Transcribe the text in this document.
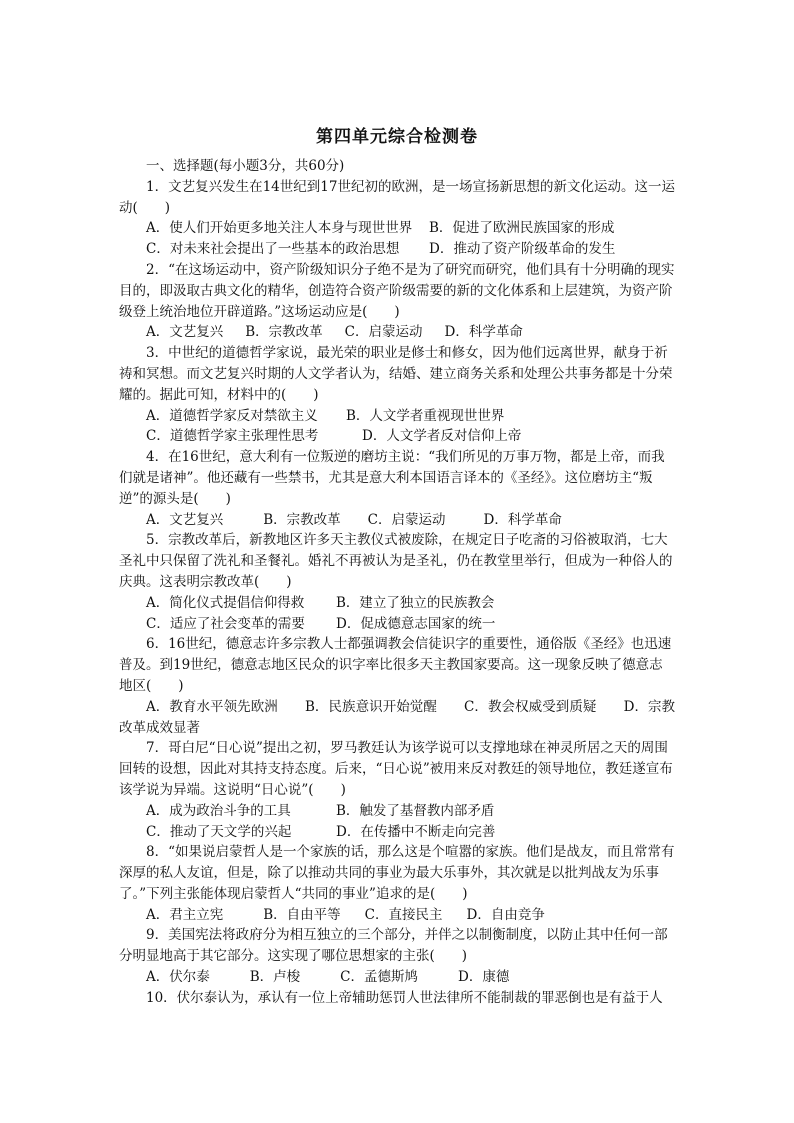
第四单元综合检测卷

一、选择题(每小题3分，共60分)

1．文艺复兴发生在14世纪到17世纪初的欧洲，是一场宣扬新思想的新文化运动。这一运动(　　)

A．使人们开始更多地关注人本身与现世世界 B．促进了欧洲民族国家的形成

C．对未来社会提出了一些基本的政治思想 D．推动了资产阶级革命的发生

2．“在这场运动中，资产阶级知识分子绝不是为了研究而研究，他们具有十分明确的现实目的，即汲取古典文化的精华，创造符合资产阶级需要的新的文化体系和上层建筑，为资产阶级登上统治地位开辟道路。”这场运动应是(　　)

A．文艺复兴 B．宗教改革 C．启蒙运动 D．科学革命

3．中世纪的道德哲学家说，最光荣的职业是修士和修女，因为他们远离世界，献身于祈祷和冥想。而文艺复兴时期的人文学者认为，结婚、建立商务关系和处理公共事务都是十分荣耀的。据此可知，材料中的(　　)

A．道德哲学家反对禁欲主义 B．人文学者重视现世世界

C．道德哲学家主张理性思考	D．人文学者反对信仰上帝

4．在16世纪，意大利有一位叛逆的磨坊主说：“我们所见的万事万物，都是上帝，而我们就是诸神”。他还藏有一些禁书，尤其是意大利本国语言译本的《圣经》。这位磨坊主“叛逆”的源头是(　　)

A．文艺复兴	B．宗教改革 C．启蒙运动	D．科学革命

5．宗教改革后，新教地区许多天主教仪式被废除，在规定日子吃斋的习俗被取消，七大圣礼中只保留了洗礼和圣餐礼。婚礼不再被认为是圣礼，仍在教堂里举行，但成为一种俗人的庆典。这表明宗教改革(　　)

A．简化仪式提倡信仰得救 B．建立了独立的民族教会

C．适应了社会变革的需要 D．促成德意志国家的统一

6．16世纪，德意志许多宗教人士都强调教会信徒识字的重要性，通俗版《圣经》也迅速普及。到19世纪，德意志地区民众的识字率比很多天主教国家要高。这一现象反映了德意志地区(　　)

A．教育水平领先欧洲　　 B．民族意识开始觉醒　　 C．教会权威受到质疑　　 D．宗教改革成效显著

7．哥白尼“日心说”提出之初，罗马教廷认为该学说可以支撑地球在神灵所居之天的周围回转的设想，因此对其持支持态度。后来，“日心说”被用来反对教廷的领导地位，教廷遂宣布该学说为异端。这说明“日心说”(　　)

A．成为政治斗争的工具	B．触发了基督教内部矛盾

C．推动了天文学的兴起	D．在传播中不断走向完善

8．“如果说启蒙哲人是一个家族的话，那么这是个喧嚣的家族。他们是战友，而且常常有深厚的私人友谊，但是，除了以推动共同的事业为最大乐事外，其次就是以批判战友为乐事了。”下列主张能体现启蒙哲人“共同的事业”追求的是(　　)

A．君主立宪	B．自由平等 C．直接民主 D．自由竞争

9．美国宪法将政府分为相互独立的三个部分，并伴之以制衡制度，以防止其中任何一部分明显地高于其它部分。这实现了哪位思想家的主张(　　)

A．伏尔泰	B．卢梭	C．孟德斯鸠	D．康德

10．伏尔泰认为，承认有一位上帝辅助惩罚人世法律所不能制裁的罪恶倒也是有益于人
